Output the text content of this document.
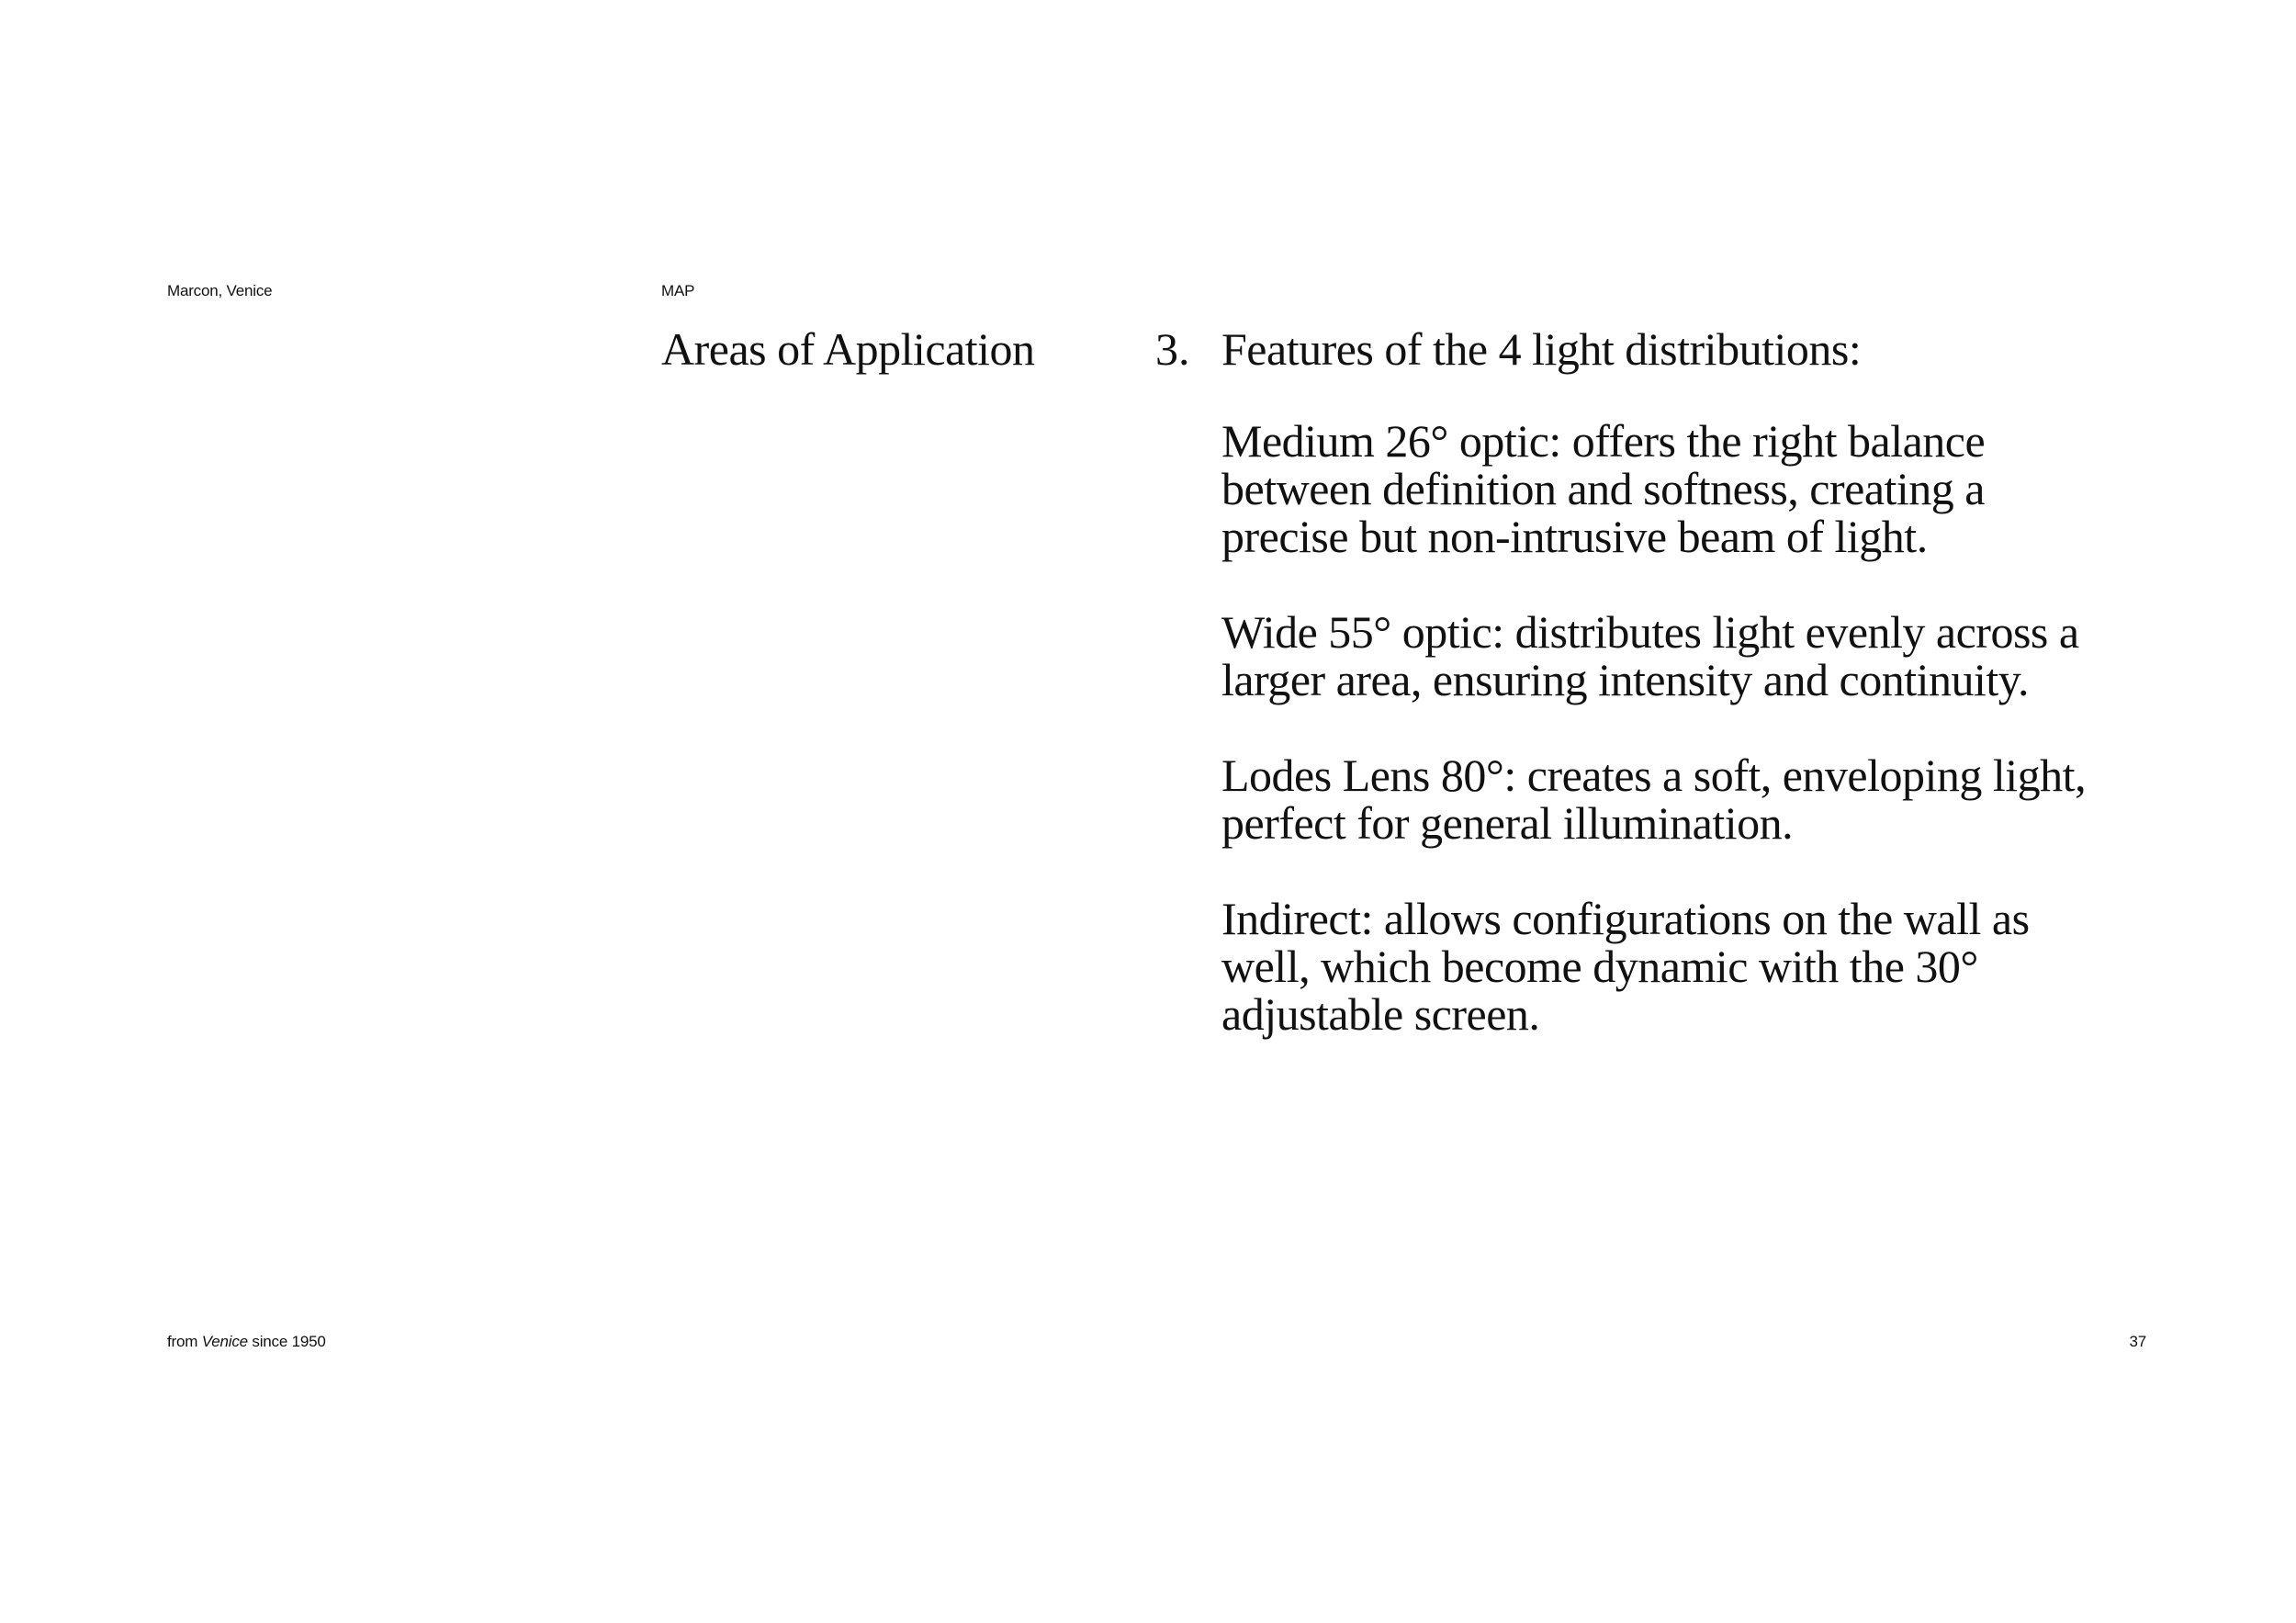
Marcon, Venice	MAP
Areas of Application	3. Features of the 4 light distributions:

Medium 26° optic: offers the right balance between definition and softness, creating a precise but non-intrusive beam of light.

Wide 55° optic: distributes light evenly across a larger area, ensuring intensity and continuity.

Lodes Lens 80°: creates a soft, enveloping light, perfect for general illumination.

Indirect: allows configurations on the wall as well, which become dynamic with the 30° adjustable screen.

from Venice since 1950	37
